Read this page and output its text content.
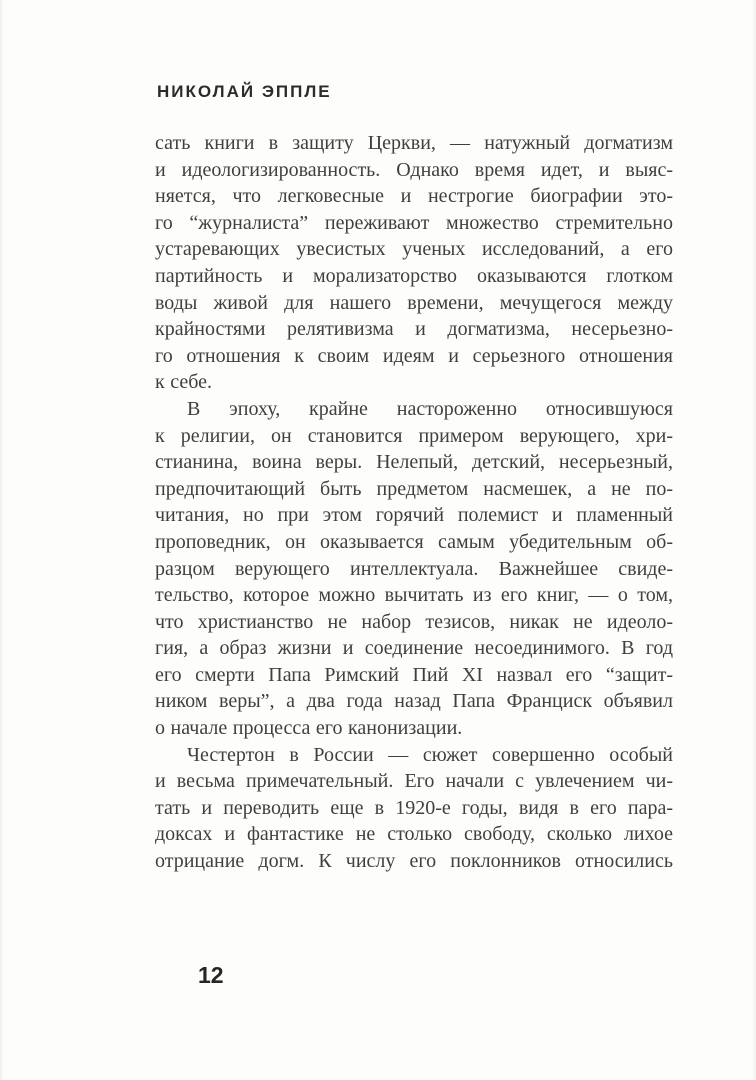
НИКОЛАЙ ЭППЛЕ
сать книги в защиту Церкви, — натужный догматизм
и идеологизированность. Однако время идет, и выяс-
няется, что легковесные и нестрогие биографии это-
го “журналиста” переживают множество стремительно
устаревающих увесистых ученых исследований, а его
партийность и морализаторство оказываются глотком
воды живой для нашего времени, мечущегося между
крайностями релятивизма и догматизма, несерьезно-
го отношения к своим идеям и серьезного отношения
к себе.
В эпоху, крайне настороженно относившуюся
к религии, он становится примером верующего, хри-
стианина, воина веры. Нелепый, детский, несерьезный,
предпочитающий быть предметом насмешек, а не по-
читания, но при этом горячий полемист и пламенный
проповедник, он оказывается самым убедительным об-
разцом верующего интеллектуала. Важнейшее свиде-
тельство, которое можно вычитать из его книг, — о том,
что христианство не набор тезисов, никак не идеоло-
гия, а образ жизни и соединение несоединимого. В год
его смерти Папа Римский Пий XI назвал его “защит-
ником веры”, а два года назад Папа Франциск объявил
о начале процесса его канонизации.
Честертон в России — сюжет совершенно особый
и весьма примечательный. Его начали с увлечением чи-
тать и переводить еще в 1920-е годы, видя в его пара-
доксах и фантастике не столько свободу, сколько лихое
отрицание догм. К числу его поклонников относились
12
